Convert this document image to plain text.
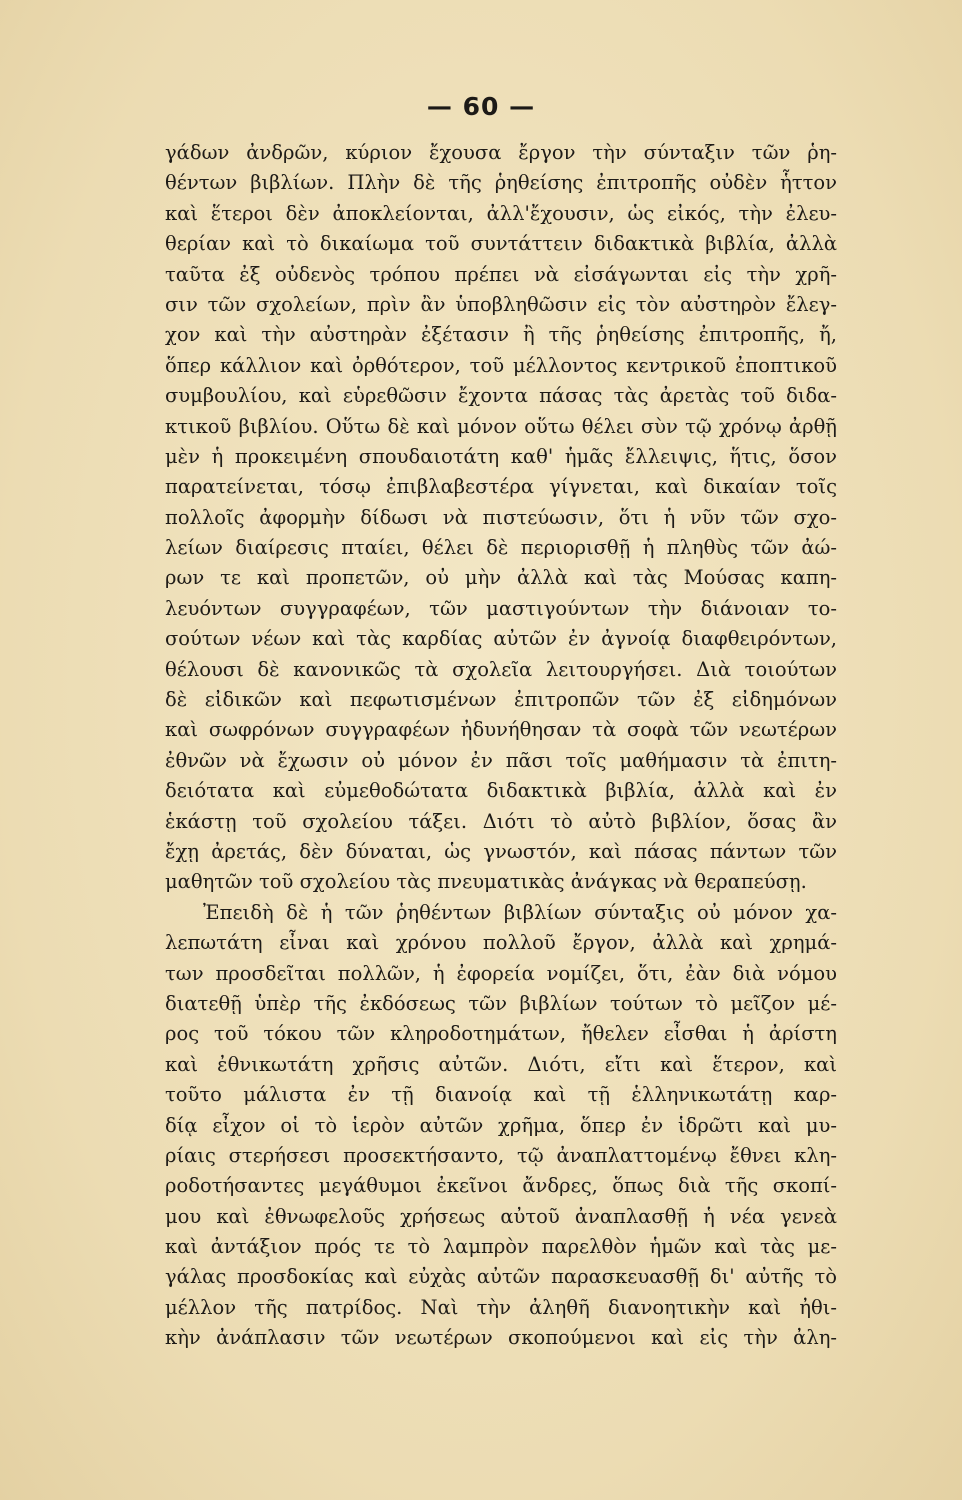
— 60 —
γάδων ἀνδρῶν, κύριον ἔχουσα ἔργον τὴν σύνταξιν τῶν ῥη-
θέντων βιβλίων. Πλὴν δὲ τῆς ῥηθείσης ἐπιτροπῆς οὐδὲν ἧττον
καὶ ἕτεροι δὲν ἀποκλείονται, ἀλλ'ἔχουσιν, ὡς εἰκός, τὴν ἐλευ-
θερίαν καὶ τὸ δικαίωμα τοῦ συντάττειν διδακτικὰ βιβλία, ἀλλὰ
ταῦτα ἐξ οὐδενὸς τρόπου πρέπει νὰ εἰσάγωνται εἰς τὴν χρῆ-
σιν τῶν σχολείων, πρὶν ἂν ὑποβληθῶσιν εἰς τὸν αὐστηρὸν ἔλεγ-
χον καὶ τὴν αὐστηρὰν ἐξέτασιν ἢ τῆς ῥηθείσης ἐπιτροπῆς, ἤ,
ὅπερ κάλλιον καὶ ὀρθότερον, τοῦ μέλλοντος κεντρικοῦ ἐποπτικοῦ
συμβουλίου, καὶ εὑρεθῶσιν ἔχοντα πάσας τὰς ἀρετὰς τοῦ διδα-
κτικοῦ βιβλίου. Οὕτω δὲ καὶ μόνον οὕτω θέλει σὺν τῷ χρόνῳ ἀρθῇ
μὲν ἡ προκειμένη σπουδαιοτάτη καθ' ἡμᾶς ἔλλειψις, ἥτις, ὅσον
παρατείνεται, τόσῳ ἐπιβλαβεστέρα γίγνεται, καὶ δικαίαν τοῖς
πολλοῖς ἀφορμὴν δίδωσι νὰ πιστεύωσιν, ὅτι ἡ νῦν τῶν σχο-
λείων διαίρεσις πταίει, θέλει δὲ περιορισθῇ ἡ πληθὺς τῶν ἀώ-
ρων τε καὶ προπετῶν, οὐ μὴν ἀλλὰ καὶ τὰς Μούσας καπη-
λευόντων συγγραφέων, τῶν μαστιγούντων τὴν διάνοιαν το-
σούτων νέων καὶ τὰς καρδίας αὐτῶν ἐν ἀγνοίᾳ διαφθειρόντων,
θέλουσι δὲ κανονικῶς τὰ σχολεῖα λειτουργήσει. Διὰ τοιούτων
δὲ εἰδικῶν καὶ πεφωτισμένων ἐπιτροπῶν τῶν ἐξ εἰδημόνων
καὶ σωφρόνων συγγραφέων ἠδυνήθησαν τὰ σοφὰ τῶν νεωτέρων
ἐθνῶν νὰ ἔχωσιν οὐ μόνον ἐν πᾶσι τοῖς μαθήμασιν τὰ ἐπιτη-
δειότατα καὶ εὐμεθοδώτατα διδακτικὰ βιβλία, ἀλλὰ καὶ ἐν
ἑκάστῃ τοῦ σχολείου τάξει. Διότι τὸ αὐτὸ βιβλίον, ὅσας ἂν
ἔχῃ ἀρετάς, δὲν δύναται, ὡς γνωστόν, καὶ πάσας πάντων τῶν
μαθητῶν τοῦ σχολείου τὰς πνευματικὰς ἀνάγκας νὰ θεραπεύσῃ.
Ἐπειδὴ δὲ ἡ τῶν ῥηθέντων βιβλίων σύνταξις οὐ μόνον χα-
λεπωτάτη εἶναι καὶ χρόνου πολλοῦ ἔργον, ἀλλὰ καὶ χρημά-
των προσδεῖται πολλῶν, ἡ ἐφορεία νομίζει, ὅτι, ἐὰν διὰ νόμου
διατεθῇ ὑπὲρ τῆς ἐκδόσεως τῶν βιβλίων τούτων τὸ μεῖζον μέ-
ρος τοῦ τόκου τῶν κληροδοτημάτων, ἤθελεν εἶσθαι ἡ ἀρίστη
καὶ ἐθνικωτάτη χρῆσις αὐτῶν. Διότι, εἴτι καὶ ἕτερον, καὶ
τοῦτο μάλιστα ἐν τῇ διανοίᾳ καὶ τῇ ἑλληνικωτάτῃ καρ-
δίᾳ εἶχον οἱ τὸ ἱερὸν αὐτῶν χρῆμα, ὅπερ ἐν ἱδρῶτι καὶ μυ-
ρίαις στερήσεσι προσεκτήσαντο, τῷ ἀναπλαττομένῳ ἔθνει κλη-
ροδοτήσαντες μεγάθυμοι ἐκεῖνοι ἄνδρες, ὅπως διὰ τῆς σκοπί-
μου καὶ ἐθνωφελοῦς χρήσεως αὐτοῦ ἀναπλασθῇ ἡ νέα γενεὰ
καὶ ἀντάξιον πρός τε τὸ λαμπρὸν παρελθὸν ἡμῶν καὶ τὰς με-
γάλας προσδοκίας καὶ εὐχὰς αὐτῶν παρασκευασθῇ δι' αὐτῆς τὸ
μέλλον τῆς πατρίδος. Ναὶ τὴν ἀληθῆ διανοητικὴν καὶ ἠθι-
κὴν ἀνάπλασιν τῶν νεωτέρων σκοπούμενοι καὶ εἰς τὴν ἀλη-
